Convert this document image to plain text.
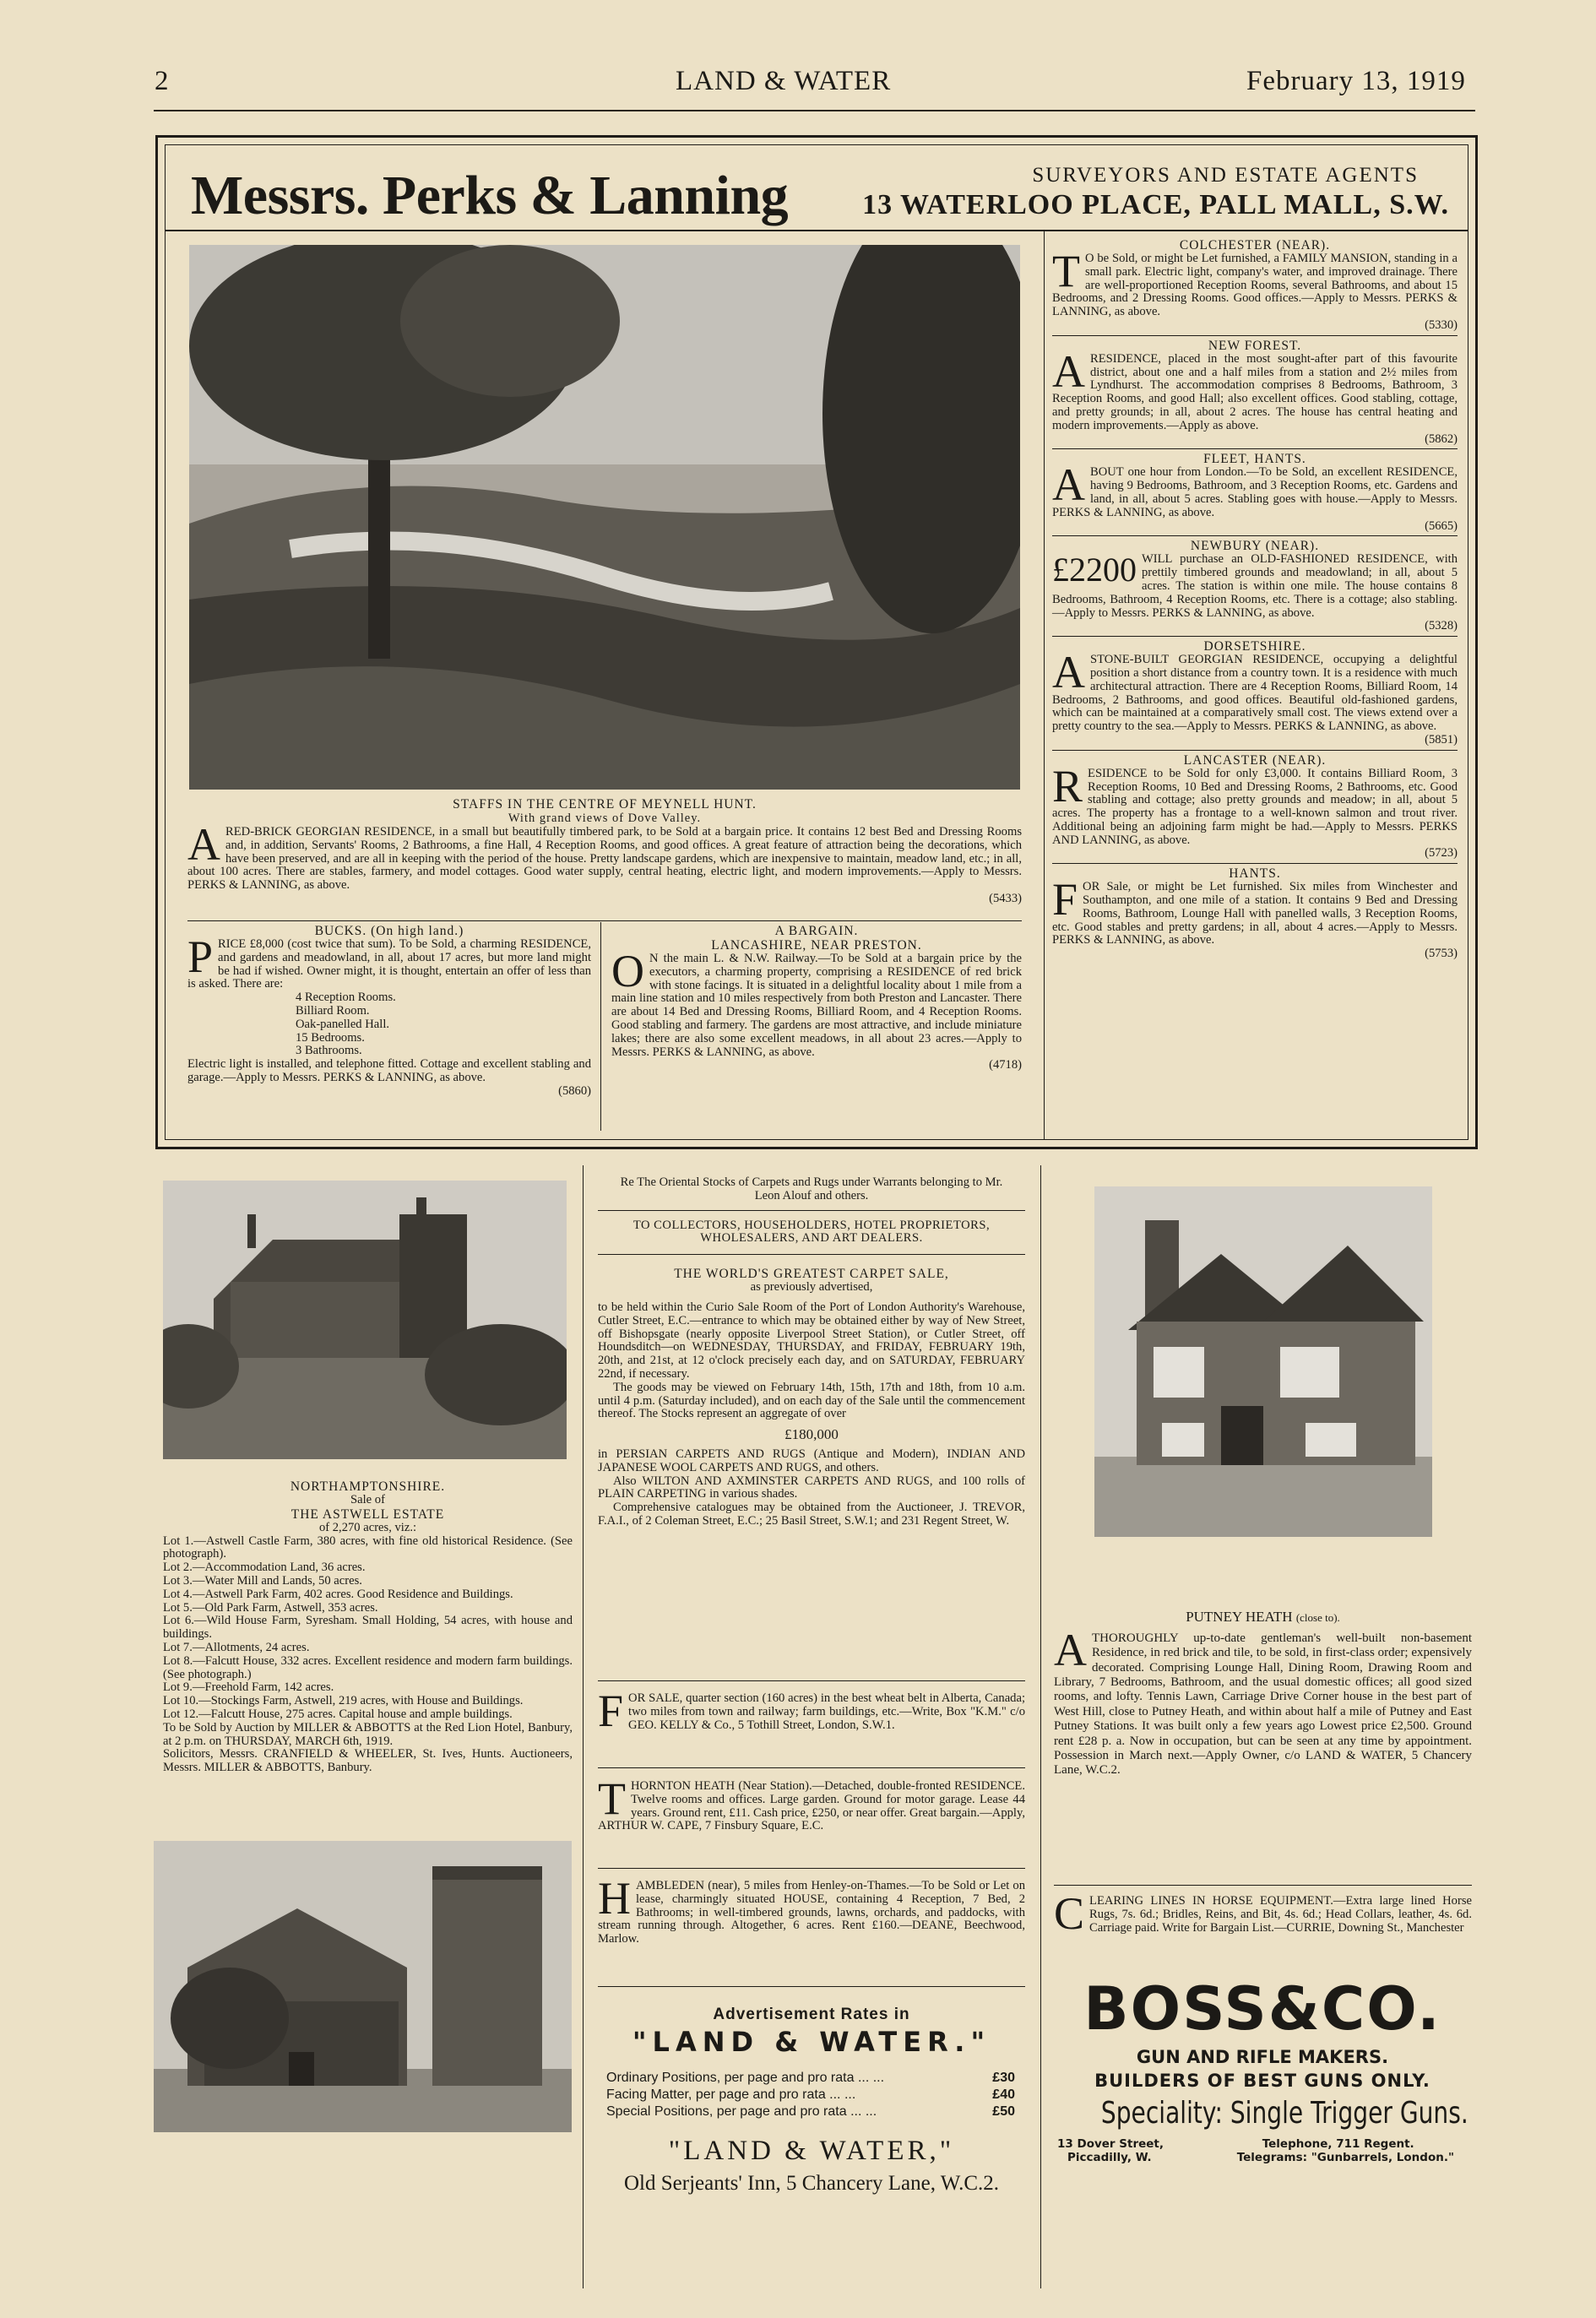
2	LAND & WATER	February 13, 1919
Messrs. Perks & Lanning	SURVEYORS AND ESTATE AGENTS
13 WATERLOO PLACE, PALL MALL, S.W.
STAFFS IN THE CENTRE OF MEYNELL HUNT.
With grand views of Dove Valley.
ARED-BRICK GEORGIAN RESIDENCE, in a small but beautifully timbered park, to be Sold at a bargain price. It contains 12 best Bed and Dressing Rooms and, in addition, Servants' Rooms, 2 Bathrooms, a fine Hall, 4 Reception Rooms, and good offices. A great feature of attraction being the decorations, which have been preserved, and are all in keeping with the period of the house. Pretty landscape gardens, which are inexpensive to maintain, meadow land, etc.; in all, about 100 acres. There are stables, farmery, and model cottages. Good water supply, central heating, electric light, and modern improvements.—Apply to Messrs. PERKS & LANNING, as above.
(5433)
BUCKS. (On high land.)
PRICE £8,000 (cost twice that sum). To be Sold, a charming RESIDENCE, and gardens and meadowland, in all, about 17 acres, but more land might be had if wished. Owner might, it is thought, entertain an offer of less than is asked. There are:
4 Reception Rooms.
Billiard Room.
Oak-panelled Hall.
15 Bedrooms.
3 Bathrooms.
Electric light is installed, and telephone fitted. Cottage and excellent stabling and garage.—Apply to Messrs. PERKS & LANNING, as above.
(5860)
A BARGAIN.
LANCASHIRE, NEAR PRESTON.
O N the main L. & N.W. Railway.—To be Sold at a bargain price by the executors, a charming property, comprising a RESIDENCE of red brick with stone facings. It is situated in a delightful locality about 1 mile from a main line station and 10 miles respectively from both Preston and Lancaster. There are about 14 Bed and Dressing Rooms, Billiard Room, and 4 Reception Rooms. Good stabling and farmery. The gardens are most attractive, and include miniature lakes; there are also some excellent meadows, in all about 23 acres.—Apply to Messrs. PERKS & LANNING, as above.
(4718)
COLCHESTER (NEAR).
T O be Sold, or might be Let furnished, a FAMILY MANSION, standing in a small park. Electric light, company's water, and improved drainage. There are well-proportioned Reception Rooms, several Bathrooms, and about 15 Bedrooms, and 2 Dressing Rooms. Good offices.—Apply to Messrs. PERKS & LANNING, as above.
(5330)
NEW FOREST.
ARESIDENCE, placed in the most sought-after part of this favourite district, about one and a half miles from a station and 2½ miles from Lyndhurst. The accommodation comprises 8 Bedrooms, Bathroom, 3 Reception Rooms, and good Hall; also excellent offices. Good stabling, cottage, and pretty grounds; in all, about 2 acres. The house has central heating and modern improvements.—Apply as above.
(5862)
FLEET, HANTS.
ABOUT one hour from London.—To be Sold, an excellent RESIDENCE, having 9 Bedrooms, Bathroom, and 3 Reception Rooms, etc. Gardens and land, in all, about 5 acres. Stabling goes with house.—Apply to Messrs. PERKS & LANNING, as above.
(5665)
NEWBURY (NEAR).
£2200 WILL purchase an OLD-FASHIONED RESIDENCE, with prettily timbered grounds and meadowland; in all, about 5 acres. The station is within one mile. The house contains 8 Bedrooms, Bathroom, 4 Reception Rooms, etc. There is a cottage; also stabling.—Apply to Messrs. PERKS & LANNING, as above.
(5328)
DORSETSHIRE.
ASTONE-BUILT GEORGIAN RESIDENCE, occupying a delightful position a short distance from a country town. It is a residence with much architectural attraction. There are 4 Reception Rooms, Billiard Room, 14 Bedrooms, 2 Bathrooms, and good offices. Beautiful old-fashioned gardens, which can be maintained at a comparatively small cost. The views extend over a pretty country to the sea.—Apply to Messrs. PERKS & LANNING, as above.
(5851)
LANCASTER (NEAR).
RESIDENCE to be Sold for only £3,000. It contains Billiard Room, 3 Reception Rooms, 10 Bed and Dressing Rooms, 2 Bathrooms, etc. Good stabling and cottage; also pretty grounds and meadow; in all, about 5 acres. The property has a frontage to a well-known salmon and trout river. Additional being an adjoining farm might be had.—Apply to Messrs. PERKS AND LANNING, as above.
(5723)
HANTS.
FOR Sale, or might be Let furnished. Six miles from Winchester and Southampton, and one mile of a station. It contains 9 Bed and Dressing Rooms, Bathroom, Lounge Hall with panelled walls, 3 Reception Rooms, etc. Good stables and pretty gardens; in all, about 4 acres.—Apply to Messrs. PERKS & LANNING, as above.
(5753)
NORTHAMPTONSHIRE.
Sale of
THE ASTWELL ESTATE
of 2,270 acres, viz.:
Lot 1.—Astwell Castle Farm, 380 acres, with fine old historical Residence. (See photograph).
Lot 2.—Accommodation Land, 36 acres.
Lot 3.—Water Mill and Lands, 50 acres.
Lot 4.—Astwell Park Farm, 402 acres. Good Residence and Buildings.
Lot 5.—Old Park Farm, Astwell, 353 acres.
Lot 6.—Wild House Farm, Syresham. Small Holding, 54 acres, with house and buildings.
Lot 7.—Allotments, 24 acres.
Lot 8.—Falcutt House, 332 acres. Excellent residence and modern farm buildings. (See photograph.)
Lot 9.—Freehold Farm, 142 acres.
Lot 10.—Stockings Farm, Astwell, 219 acres, with House and Buildings.
Lot 12.—Falcutt House, 275 acres. Capital house and ample buildings.
To be Sold by Auction by MILLER & ABBOTTS at the Red Lion Hotel, Banbury, at 2 p.m. on THURSDAY, MARCH 6th, 1919.
Solicitors, Messrs. CRANFIELD & WHEELER, St. Ives, Hunts. Auctioneers, Messrs. MILLER & ABBOTTS, Banbury.
Re The Oriental Stocks of Carpets and Rugs under Warrants belonging to Mr. Leon Alouf and others.
TO COLLECTORS, HOUSEHOLDERS, HOTEL PROPRIETORS, WHOLESALERS, AND ART DEALERS.
THE WORLD'S GREATEST CARPET SALE,
as previously advertised,
to be held within the Curio Sale Room of the Port of London Authority's Warehouse, Cutler Street, E.C.—entrance to which may be obtained either by way of New Street, off Bishopsgate (nearly opposite Liverpool Street Station), or Cutler Street, off Houndsditch—on WEDNESDAY, THURSDAY, and FRIDAY, FEBRUARY 19th, 20th, and 21st, at 12 o'clock precisely each day, and on SATURDAY, FEBRUARY 22nd, if necessary.
The goods may be viewed on February 14th, 15th, 17th and 18th, from 10 a.m. until 4 p.m. (Saturday included), and on each day of the Sale until the commencement thereof. The Stocks represent an aggregate of over
£180,000
in PERSIAN CARPETS AND RUGS (Antique and Modern), INDIAN AND JAPANESE WOOL CARPETS AND RUGS, and others.
Also WILTON AND AXMINSTER CARPETS AND RUGS, and 100 rolls of PLAIN CARPETING in various shades.
Comprehensive catalogues may be obtained from the Auctioneer, J. TREVOR, F.A.I., of 2 Coleman Street, E.C.; 25 Basil Street, S.W.1; and 231 Regent Street, W.
FOR SALE, quarter section (160 acres) in the best wheat belt in Alberta, Canada; two miles from town and railway; farm buildings, etc.—Write, Box "K.M." c/o GEO. KELLY & Co., 5 Tothill Street, London, S.W.1.
THORNTON HEATH (Near Station).—Detached, double-fronted RESIDENCE. Twelve rooms and offices. Large garden. Ground for motor garage. Lease 44 years. Ground rent, £11. Cash price, £250, or near offer. Great bargain.—Apply, ARTHUR W. CAPE, 7 Finsbury Square, E.C.
HAMBLEDEN (near), 5 miles from Henley-on-Thames.—To be Sold or Let on lease, charmingly situated HOUSE, containing 4 Reception, 7 Bed, 2 Bathrooms; in well-timbered grounds, lawns, orchards, and paddocks, with stream running through. Altogether, 6 acres. Rent £160.—DEANE, Beechwood, Marlow.
Advertisement Rates in
"LAND & WATER."
Ordinary Positions, per page and pro rata ... ...	£30
Facing Matter, per page and pro rata ... ...	£40
Special Positions, per page and pro rata ... ...	£50
"LAND & WATER,"
Old Serjeants' Inn, 5 Chancery Lane, W.C.2.
PUTNEY HEATH (close to).
ATHOROUGHLY up-to-date gentleman's well-built non-basement Residence, in red brick and tile, to be sold, in first-class order; expensively decorated. Comprising Lounge Hall, Dining Room, Drawing Room and Library, 7 Bedrooms, Bathroom, and the usual domestic offices; all good sized rooms, and lofty. Tennis Lawn, Carriage Drive Corner house in the best part of West Hill, close to Putney Heath, and within about half a mile of Putney and East Putney Stations. It was built only a few years ago Lowest price £2,500. Ground rent £28 p. a. Now in occupation, but can be seen at any time by appointment. Possession in March next.—Apply Owner, c/o LAND & WATER, 5 Chancery Lane, W.C.2.
CLEARING LINES IN HORSE EQUIPMENT.—Extra large lined Horse Rugs, 7s. 6d.; Bridles, Reins, and Bit, 4s. 6d.; Head Collars, leather, 4s. 6d. Carriage paid. Write for Bargain List.—CURRIE, Downing St., Manchester
BOSS&CO.
GUN AND RIFLE MAKERS.
BUILDERS OF BEST GUNS ONLY.
Speciality: Single Trigger Guns.
13 Dover Street,
Piccadilly, W.
Telephone, 711 Regent.
Telegrams: "Gunbarrels, London."
